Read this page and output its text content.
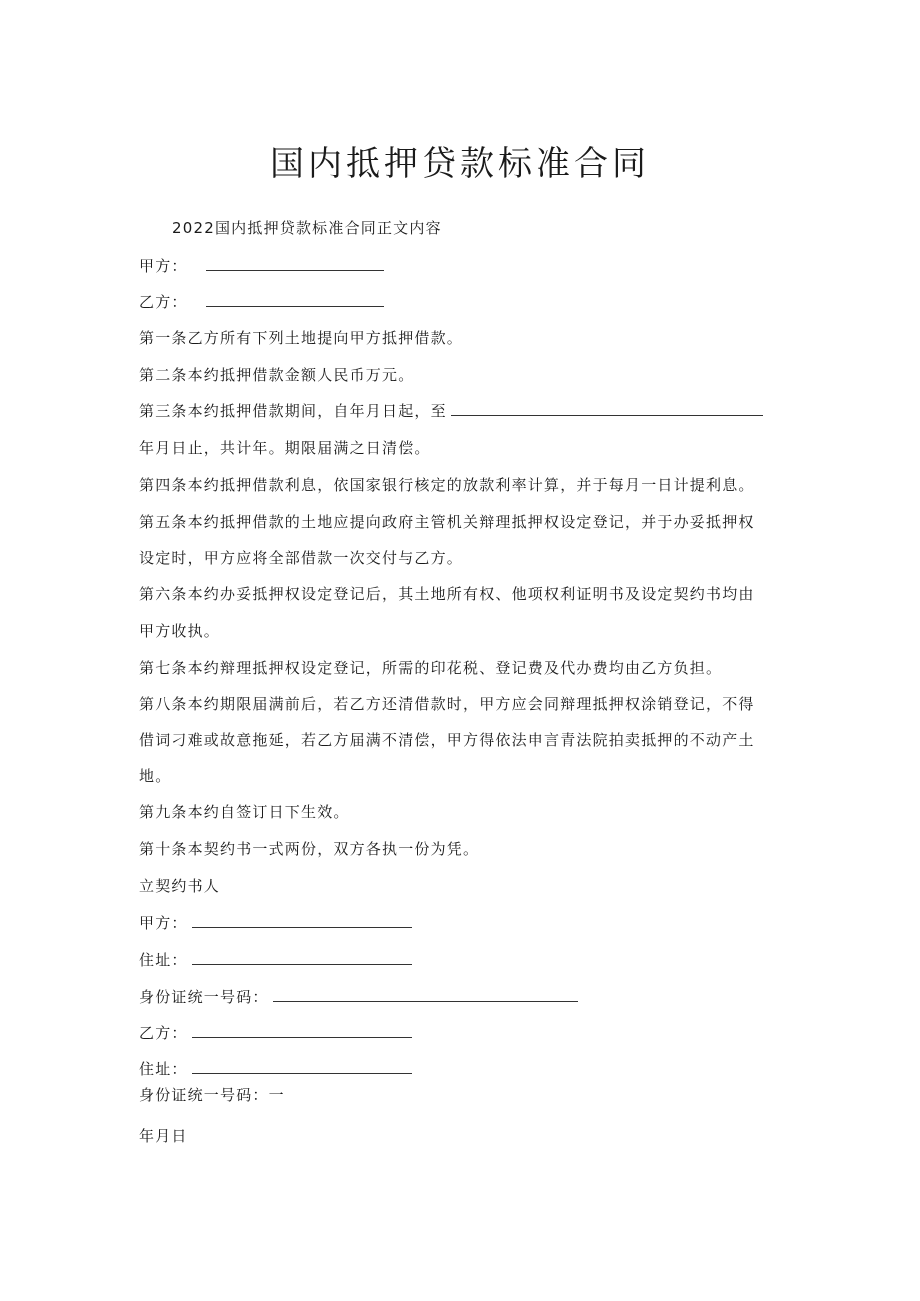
国内抵押贷款标准合同
2022国内抵押贷款标准合同正文内容
甲方：
乙方：
第一条乙方所有下列土地提向甲方抵押借款。
第二条本约抵押借款金额人民币万元。
第三条本约抵押借款期间，自年月日起，至
年月日止，共计年。期限届满之日清偿。
第四条本约抵押借款利息，依国家银行核定的放款利率计算，并于每月一日计提利息。
第五条本约抵押借款的土地应提向政府主管机关辩理抵押权设定登记，并于办妥抵押权
设定时，甲方应将全部借款一次交付与乙方。
第六条本约办妥抵押权设定登记后，其土地所有权、他项权利证明书及设定契约书均由
甲方收执。
第七条本约辩理抵押权设定登记，所需的印花税、登记费及代办费均由乙方负担。
第八条本约期限届满前后，若乙方还清借款时，甲方应会同辩理抵押权涂销登记，不得
借词刁难或故意拖延，若乙方届满不清偿，甲方得依法申言青法院拍卖抵押的不动产土
地。
第九条本约自签订日下生效。
第十条本契约书一式两份，双方各执一份为凭。
立契约书人
甲方：
住址：
身份证统一号码：
乙方：
住址：
身份证统一号码：一
年月日
